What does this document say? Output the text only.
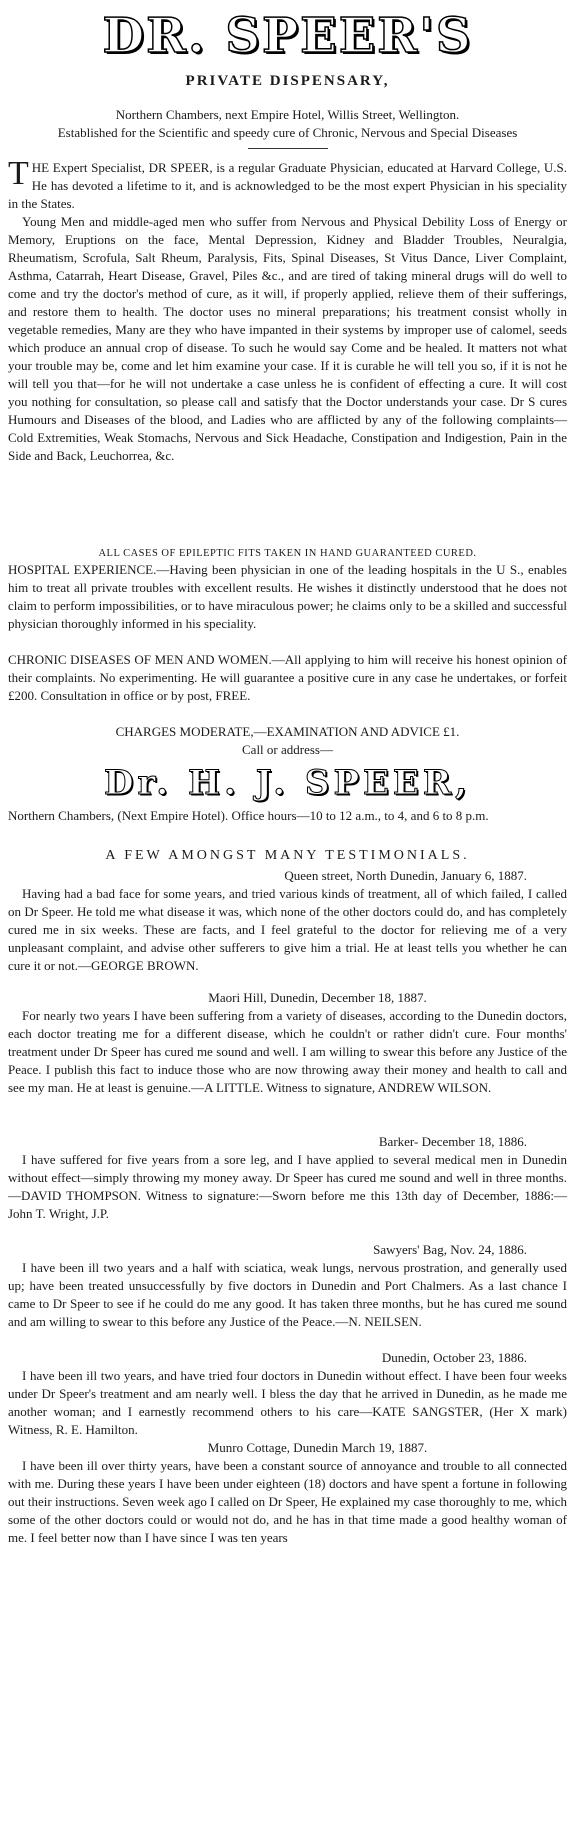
DR. SPEER'S
PRIVATE DISPENSARY,
Northern Chambers, next Empire Hotel, Willis Street, Wellington.
Established for the Scientific and speedy cure of Chronic, Nervous and Special Diseases

THE Expert Specialist, DR SPEER, is a regular Graduate Physician, educated at Harvard College, U.S. He has devoted a lifetime to it, and is acknowledged to be the most expert Physician in his speciality in the States.

Young Men and middle-aged men who suffer from Nervous and Physical Debility Loss of Energy or Memory, Eruptions on the face, Mental Depression, Kidney and Bladder Troubles, Neuralgia, Rheumatism, Scrofula, Salt Rheum, Paralysis, Fits, Spinal Diseases, St Vitus Dance, Liver Complaint, Asthma, Catarrah, Heart Disease, Gravel, Piles &c., and are tired of taking mineral drugs will do well to come and try the doctor's method of cure, as it will, if properly applied, relieve them of their sufferings, and restore them to health. The doctor uses no mineral preparations; his treatment consist wholly in vegetable remedies, Many are they who have impanted in their systems by improper use of calomel, seeds which produce an annual crop of disease. To such he would say Come and be healed. It matters not what your trouble may be, come and let him examine your case. If it is curable he will tell you so, if it is not he will tell you that—for he will not undertake a case unless he is confident of effecting a cure. It will cost you nothing for consultation, so please call and satisfy that the Doctor understands your case. Dr S cures Humours and Diseases of the blood, and Ladies who are afflicted by any of the following complaints—Cold Extremities, Weak Stomachs, Nervous and Sick Headache, Constipation and Indigestion, Pain in the Side and Back, Leuchorrea, &c.

ALL CASES OF EPILEPTIC FITS TAKEN IN HAND GUARANTEED CURED.

HOSPITAL EXPERIENCE.—Having been physician in one of the leading hospitals in the U S., enables him to treat all private troubles with excellent results. He wishes it distinctly understood that he does not claim to perform impossibilities, or to have miraculous power; he claims only to be a skilled and successful physician thoroughly informed in his speciality.

CHRONIC DISEASES OF MEN AND WOMEN.—All applying to him will receive his honest opinion of their complaints. No experimenting. He will guarantee a positive cure in any case he undertakes, or forfeit £200. Consultation in office or by post, FREE.

CHARGES MODERATE,—EXAMINATION AND ADVICE £1.
Call or address—
Dr. H. J. SPEER,

Northern Chambers, (Next Empire Hotel). Office hours—10 to 12 a.m., to 4, and 6 to 8 p.m.

A FEW AMONGST MANY TESTIMONIALS.
Queen street, North Dunedin, January 6, 1887.

Having had a bad face for some years, and tried various kinds of treatment, all of which failed, I called on Dr Speer. He told me what disease it was, which none of the other doctors could do, and has completely cured me in six weeks. These are facts, and I feel grateful to the doctor for relieving me of a very unpleasant complaint, and advise other sufferers to give him a trial. He at least tells you whether he can cure it or not.—GEORGE BROWN.

Maori Hill, Dunedin, December 18, 1887.

For nearly two years I have been suffering from a variety of diseases, according to the Dunedin doctors, each doctor treating me for a different disease, which he couldn't or rather didn't cure. Four months' treatment under Dr Speer has cured me sound and well. I am willing to swear this before any Justice of the Peace. I publish this fact to induce those who are now throwing away their money and health to call and see my man. He at least is genuine.—A LITTLE. Witness to signature, ANDREW WILSON.

Barker- December 18, 1886.

I have suffered for five years from a sore leg, and I have applied to several medical men in Dunedin without effect—simply throwing my money away. Dr Speer has cured me sound and well in three months.—DAVID THOMPSON. Witness to signature:—Sworn before me this 13th day of December, 1886:—John T. Wright, J.P.

Sawyers' Bag, Nov. 24, 1886.

I have been ill two years and a half with sciatica, weak lungs, nervous prostration, and generally used up; have been treated unsuccessfully by five doctors in Dunedin and Port Chalmers. As a last chance I came to Dr Speer to see if he could do me any good. It has taken three months, but he has cured me sound and am willing to swear to this before any Justice of the Peace.—N. NEILSEN.

Dunedin, October 23, 1886.

I have been ill two years, and have tried four doctors in Dunedin without effect. I have been four weeks under Dr Speer's treatment and am nearly well. I bless the day that he arrived in Dunedin, as he made me another woman; and I earnestly recommend others to his care—KATE SANGSTER, (Her X mark) Witness, R. E. Hamilton.

Munro Cottage, Dunedin March 19, 1887.

I have been ill over thirty years, have been a constant source of annoyance and trouble to all connected with me. During these years I have been under eighteen (18) doctors and have spent a fortune in following out their instructions. Seven week ago I called on Dr Speer, He explained my case thoroughly to me, which some of the other doctors could or would not do, and he has in that time made a good healthy woman of me. I feel better now than I have since I was ten years
